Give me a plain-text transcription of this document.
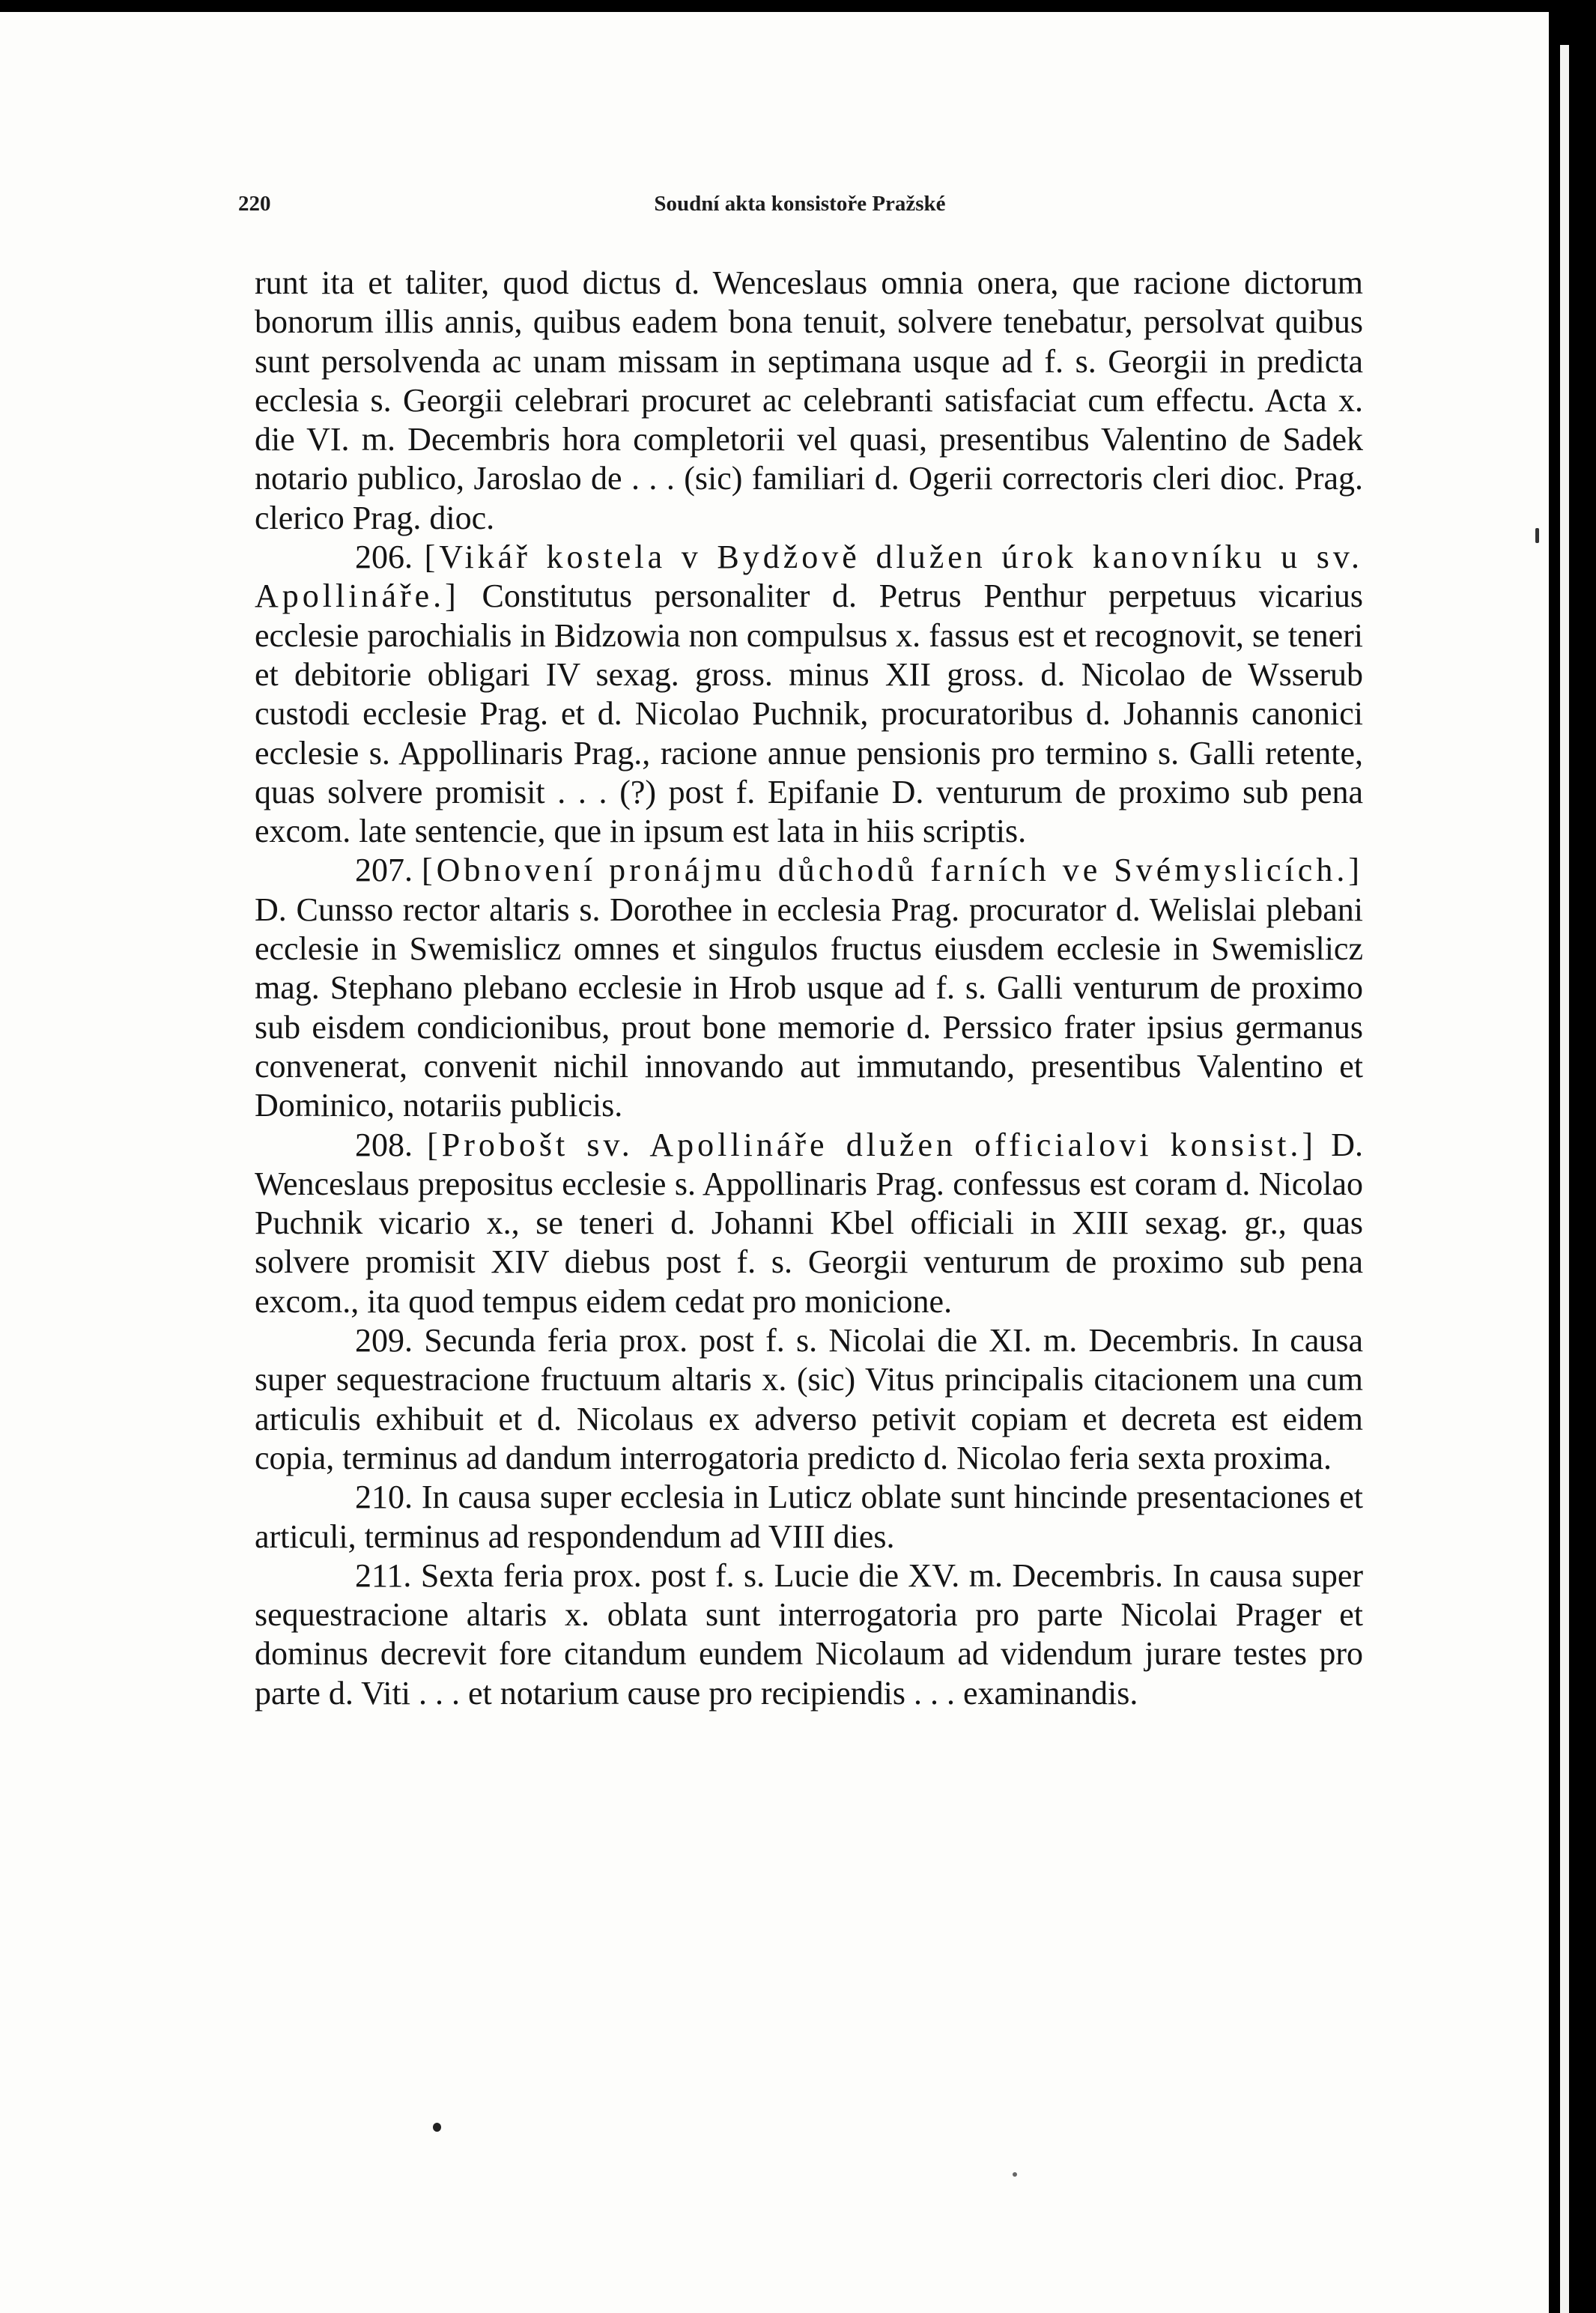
Soudní akta konsistoře Pražské
220

runt ita et taliter, quod dictus d. Wenceslaus omnia onera, que racione dictorum bonorum illis annis, quibus eadem bona tenuit, solvere tenebatur, persolvat quibus sunt persolvenda ac unam missam in septimana usque ad f. s. Georgii in predicta ecclesia s. Georgii celebrari procuret ac celebranti satisfaciat cum effectu. Acta x. die VI. m. Decembris hora completorii vel quasi, presentibus Valentino de Sadek notario publico, Jaroslao de . . . (sic) familiari d. Ogerii correctoris cleri dioc. Prag. clerico Prag. dioc.

206. [Vikář kostela v Bydžově dlužen úrok kanovníku u sv. Apollináře.] Constitutus personaliter d. Petrus Penthur perpetuus vicarius ecclesie parochialis in Bidzowia non compulsus x. fassus est et recognovit, se teneri et debitorie obligari IV sexag. gross. minus XII gross. d. Nicolao de Wsserub custodi ecclesie Prag. et d. Nicolao Puchnik, procuratoribus d. Johannis canonici ecclesie s. Appollinaris Prag., racione annue pensionis pro termino s. Galli retente, quas solvere promisit . . . (?) post f. Epifanie D. venturum de proximo sub pena excom. late sentencie, que in ipsum est lata in hiis scriptis.

207. [Obnovení pronájmu důchodů farních ve Svémyslicích.] D. Cunsso rector altaris s. Dorothee in ecclesia Prag. procurator d. Welislai plebani ecclesie in Swemislicz omnes et singulos fructus eiusdem ecclesie in Swemislicz mag. Stephano plebano ecclesie in Hrob usque ad f. s. Galli venturum de proximo sub eisdem condicionibus, prout bone memorie d. Perssico frater ipsius germanus convenerat, convenit nichil innovando aut immutando, presentibus Valentino et Dominico, notariis publicis.

208. [Probošt sv. Apollináře dlužen officialovi konsist.] D. Wenceslaus prepositus ecclesie s. Appollinaris Prag. confessus est coram d. Nicolao Puchnik vicario x., se teneri d. Johanni Kbel officiali in XIII sexag. gr., quas solvere promisit XIV diebus post f. s. Georgii venturum de proximo sub pena excom., ita quod tempus eidem cedat pro monicione.

209. Secunda feria prox. post f. s. Nicolai die XI. m. Decembris. In causa super sequestracione fructuum altaris x. (sic) Vitus principalis citacionem una cum articulis exhibuit et d. Nicolaus ex adverso petivit copiam et decreta est eidem copia, terminus ad dandum interrogatoria predicto d. Nicolao feria sexta proxima.

210. In causa super ecclesia in Luticz oblate sunt hincinde presentaciones et articuli, terminus ad respondendum ad VIII dies.

211. Sexta feria prox. post f. s. Lucie die XV. m. Decembris. In causa super sequestracione altaris x. oblata sunt interrogatoria pro parte Nicolai Prager et dominus decrevit fore citandum eundem Nicolaum ad videndum jurare testes pro parte d. Viti . . . et notarium cause pro recipiendis . . . examinandis.
